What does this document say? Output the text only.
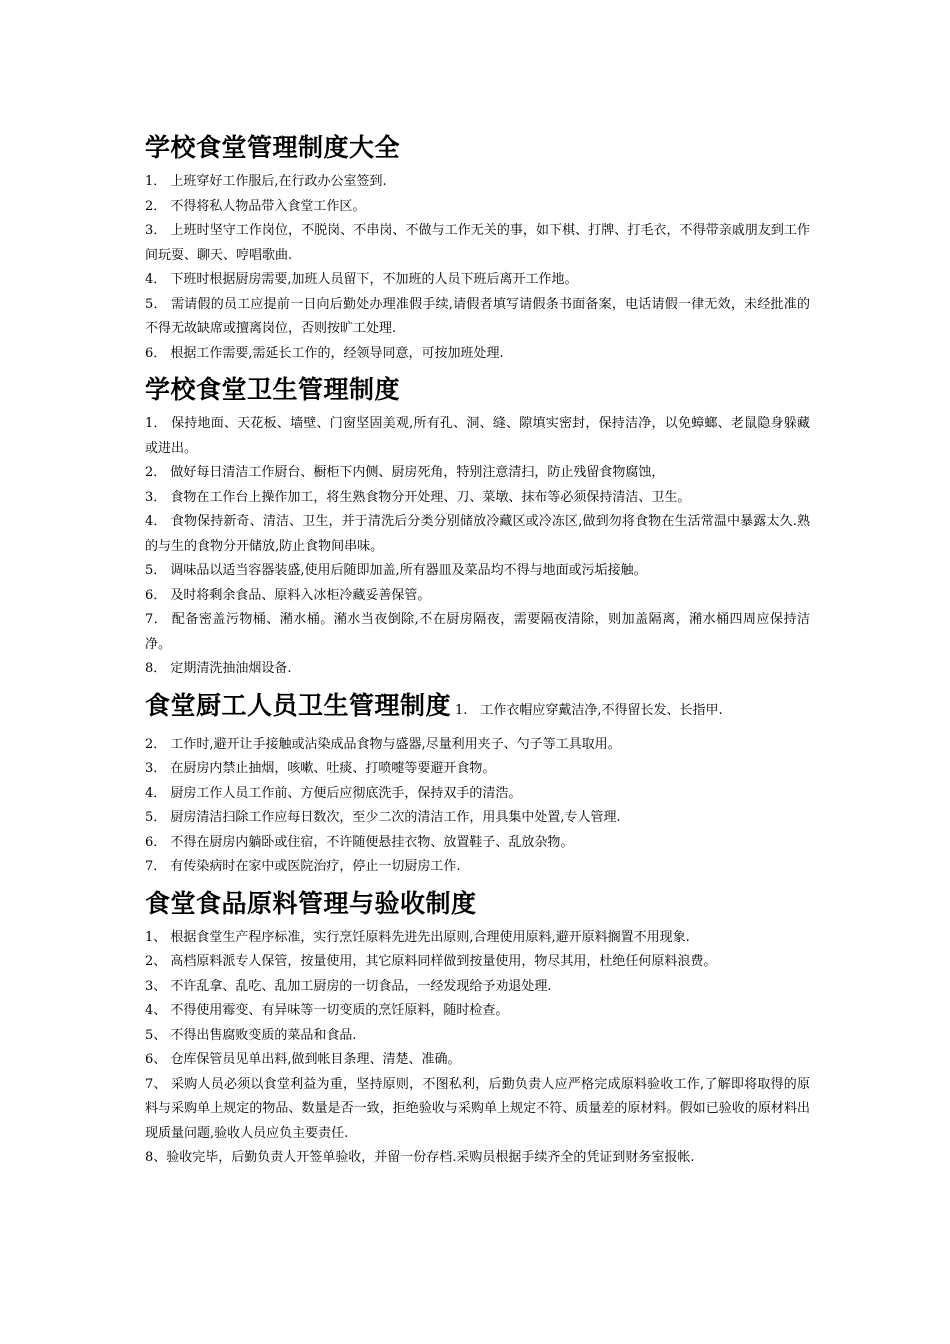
学校食堂管理制度大全
1． 上班穿好工作服后,在行政办公室签到.
2． 不得将私人物品带入食堂工作区。
3． 上班时坚守工作岗位，不脱岗、不串岗、不做与工作无关的事，如下棋、打牌、打毛衣，不得带亲戚朋友到工作间玩耍、聊天、哼唱歌曲.
4． 下班时根据厨房需要,加班人员留下，不加班的人员下班后离开工作地。
5． 需请假的员工应提前一日向后勤处办理准假手续,请假者填写请假条书面备案，电话请假一律无效，未经批准的不得无故缺席或擅离岗位，否则按旷工处理.
6． 根据工作需要,需延长工作的，经领导同意，可按加班处理.
学校食堂卫生管理制度
1． 保持地面、天花板、墙壁、门窗坚固美观,所有孔、洞、缝、隙填实密封，保持洁净，以免蟑螂、老鼠隐身躲藏或进出。
2． 做好每日清洁工作厨台、橱柜下内侧、厨房死角，特别注意清扫，防止残留食物腐蚀，
3． 食物在工作台上操作加工，将生熟食物分开处理、刀、菜墩、抹布等必须保持清洁、卫生。
4． 食物保持新奇、清洁、卫生，并于清洗后分类分别储放冷藏区或冷冻区,做到勿将食物在生活常温中暴露太久.熟的与生的食物分开储放,防止食物间串味。
5． 调味品以适当容器装盛,使用后随即加盖,所有器皿及菜品均不得与地面或污垢接触。
6． 及时将剩余食品、原料入冰柜冷藏妥善保管。
7． 配备密盖污物桶、潲水桶。潲水当夜倒除,不在厨房隔夜，需要隔夜清除，则加盖隔离，潲水桶四周应保持洁净。
8． 定期清洗抽油烟设备.
食堂厨工人员卫生管理制度 1.　工作衣帽应穿戴洁净,不得留长发、长指甲.
2． 工作时,避开让手接触或沾染成品食物与盛器,尽量利用夹子、勺子等工具取用。
3． 在厨房内禁止抽烟，咳嗽、吐痰、打喷嚏等要避开食物。
4． 厨房工作人员工作前、方便后应彻底洗手，保持双手的清浩。
5． 厨房清洁扫除工作应每日数次，至少二次的清洁工作，用具集中处置,专人管理.
6． 不得在厨房内躺卧或住宿，不许随便悬挂衣物、放置鞋子、乱放杂物。
7． 有传染病时在家中或医院治疗，停止一切厨房工作.
食堂食品原料管理与验收制度
1、 根据食堂生产程序标准，实行烹饪原料先进先出原则,合理使用原料,避开原料搁置不用现象.
2、 高档原料派专人保管，按量使用，其它原料同样做到按量使用，物尽其用，杜绝任何原料浪费。
3、 不许乱拿、乱吃、乱加工厨房的一切食品，一经发现给予劝退处理.
4、 不得使用霉变、有异味等一切变质的烹饪原料，随时检查。
5、 不得出售腐败变质的菜品和食品.
6、 仓库保管员见单出料,做到帐目条理、清楚、准确。
7、 采购人员必须以食堂利益为重，坚持原则，不图私利，后勤负责人应严格完成原料验收工作,了解即将取得的原料与采购单上规定的物品、数量是否一致，拒绝验收与采购单上规定不符、质量差的原材料。假如已验收的原材料出现质量问题,验收人员应负主要责任.
8、验收完毕，后勤负责人开签单验收，并留一份存档.采购员根据手续齐全的凭证到财务室报帐.
